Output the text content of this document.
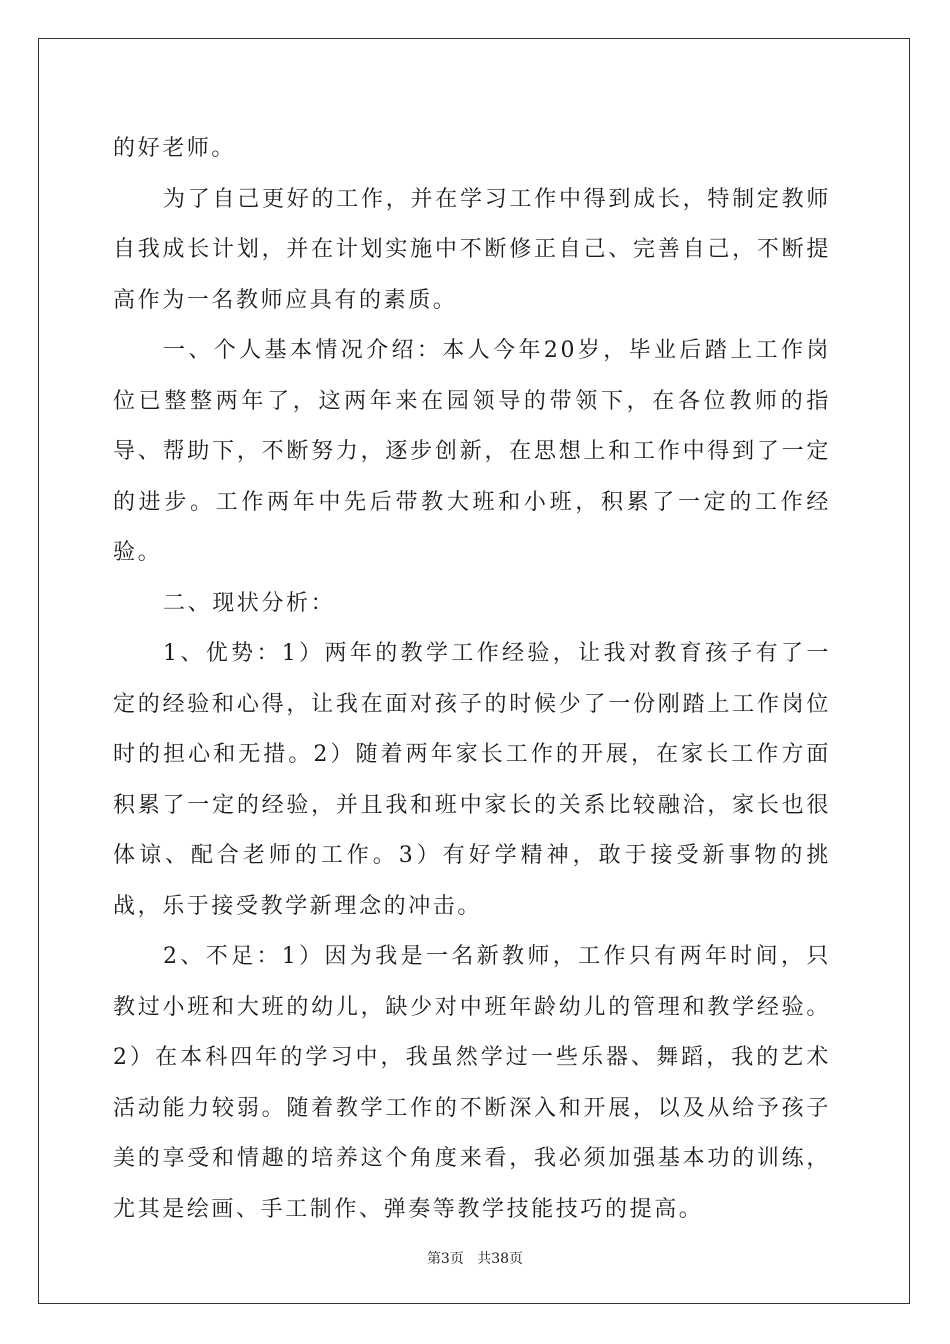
的好老师。

为了自己更好的工作，并在学习工作中得到成长，特制定教师自我成长计划，并在计划实施中不断修正自己、完善自己，不断提高作为一名教师应具有的素质。

一、个人基本情况介绍：本人今年20岁，毕业后踏上工作岗位已整整两年了，这两年来在园领导的带领下，在各位教师的指导、帮助下，不断努力，逐步创新，在思想上和工作中得到了一定的进步。工作两年中先后带教大班和小班，积累了一定的工作经验。

二、现状分析：

1、优势：1）两年的教学工作经验，让我对教育孩子有了一定的经验和心得，让我在面对孩子的时候少了一份刚踏上工作岗位时的担心和无措。2）随着两年家长工作的开展，在家长工作方面积累了一定的经验，并且我和班中家长的关系比较融洽，家长也很体谅、配合老师的工作。3）有好学精神，敢于接受新事物的挑战，乐于接受教学新理念的冲击。

2、不足：1）因为我是一名新教师，工作只有两年时间，只教过小班和大班的幼儿，缺少对中班年龄幼儿的管理和教学经验。2）在本科四年的学习中，我虽然学过一些乐器、舞蹈，我的艺术活动能力较弱。随着教学工作的不断深入和开展，以及从给予孩子美的享受和情趣的培养这个角度来看，我必须加强基本功的训练，尤其是绘画、手工制作、弹奏等教学技能技巧的提高。

第3页 共38页
